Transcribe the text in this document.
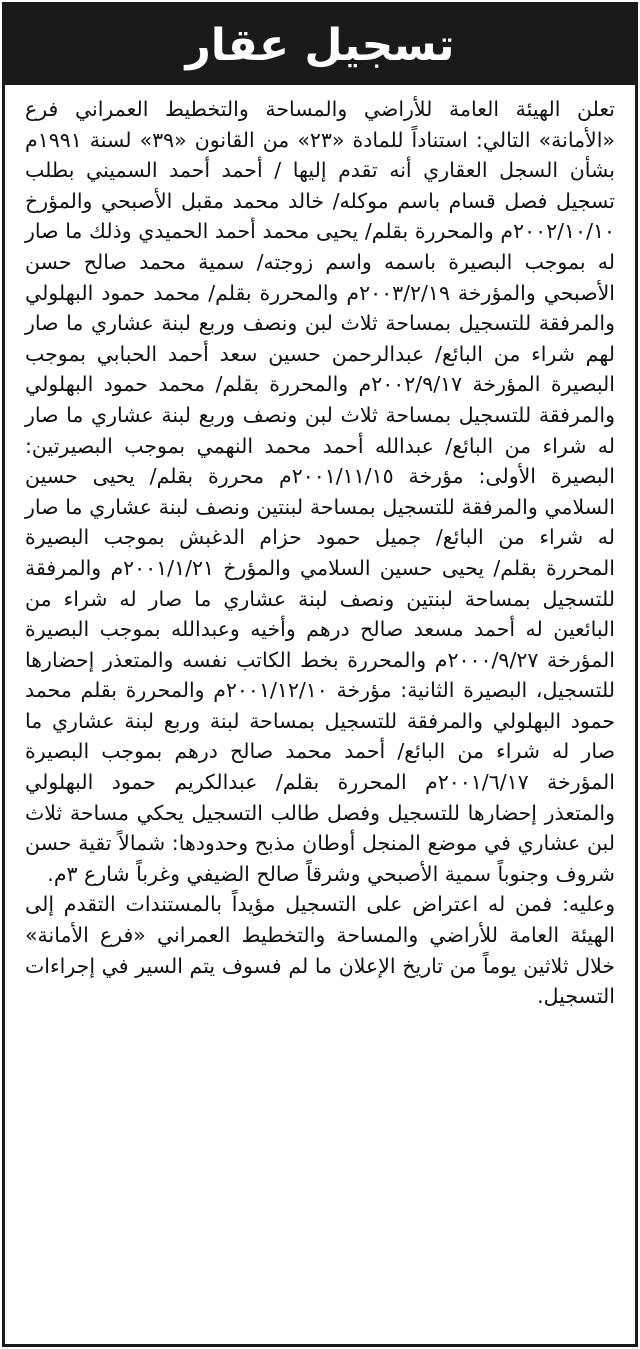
تسجيل عقار

تعلن الهيئة العامة للأراضي والمساحة والتخطيط العمراني فرع «الأمانة» التالي: استناداً للمادة «٢٣» من القانون «٣٩» لسنة ١٩٩١م بشأن السجل العقاري أنه تقدم إليها / أحمد أحمد السميني بطلب تسجيل فصل قسام باسم موكله/ خالد محمد مقبل الأصبحي والمؤرخ ٢٠٠٢/١٠/١٠م والمحررة بقلم/ يحيى محمد أحمد الحميدي وذلك ما صار له بموجب البصيرة باسمه واسم زوجته/ سمية محمد صالح حسن الأصبحي والمؤرخة ٢٠٠٣/٢/١٩م والمحررة بقلم/ محمد حمود البهلولي والمرفقة للتسجيل بمساحة ثلاث لبن ونصف وربع لبنة عشاري ما صار لهم شراء من البائع/ عبدالرحمن حسين سعد أحمد الحبابي بموجب البصيرة المؤرخة ٢٠٠٢/٩/١٧م والمحررة بقلم/ محمد حمود البهلولي والمرفقة للتسجيل بمساحة ثلاث لبن ونصف وربع لبنة عشاري ما صار له شراء من البائع/ عبدالله أحمد محمد النهمي بموجب البصيرتين: البصيرة الأولى: مؤرخة ٢٠٠١/١١/١٥م محررة بقلم/ يحيى حسين السلامي والمرفقة للتسجيل بمساحة لبنتين ونصف لبنة عشاري ما صار له شراء من البائع/ جميل حمود حزام الدغبش بموجب البصيرة المحررة بقلم/ يحيى حسين السلامي والمؤرخ ٢٠٠١/١/٢١م والمرفقة للتسجيل بمساحة لبنتين ونصف لبنة عشاري ما صار له شراء من البائعين له أحمد مسعد صالح درهم وأخيه وعبدالله بموجب البصيرة المؤرخة ٢٠٠٠/٩/٢٧م والمحررة بخط الكاتب نفسه والمتعذر إحضارها للتسجيل، البصيرة الثانية: مؤرخة ٢٠٠١/١٢/١٠م والمحررة بقلم محمد حمود البهلولي والمرفقة للتسجيل بمساحة لبنة وربع لبنة عشاري ما صار له شراء من البائع/ أحمد محمد صالح درهم بموجب البصيرة المؤرخة ٢٠٠١/٦/١٧م المحررة بقلم/ عبدالكريم حمود البهلولي والمتعذر إحضارها للتسجيل وفصل طالب التسجيل يحكي مساحة ثلاث لبن عشاري في موضع المنجل أوطان مذبح وحدودها: شمالاً تقية حسن شروف وجنوباً سمية الأصبحي وشرقاً صالح الضيفي وغرباً شارع ٣م.

وعليه: فمن له اعتراض على التسجيل مؤيداً بالمستندات التقدم إلى الهيئة العامة للأراضي والمساحة والتخطيط العمراني «فرع الأمانة» خلال ثلاثين يوماً من تاريخ الإعلان ما لم فسوف يتم السير في إجراءات التسجيل.
